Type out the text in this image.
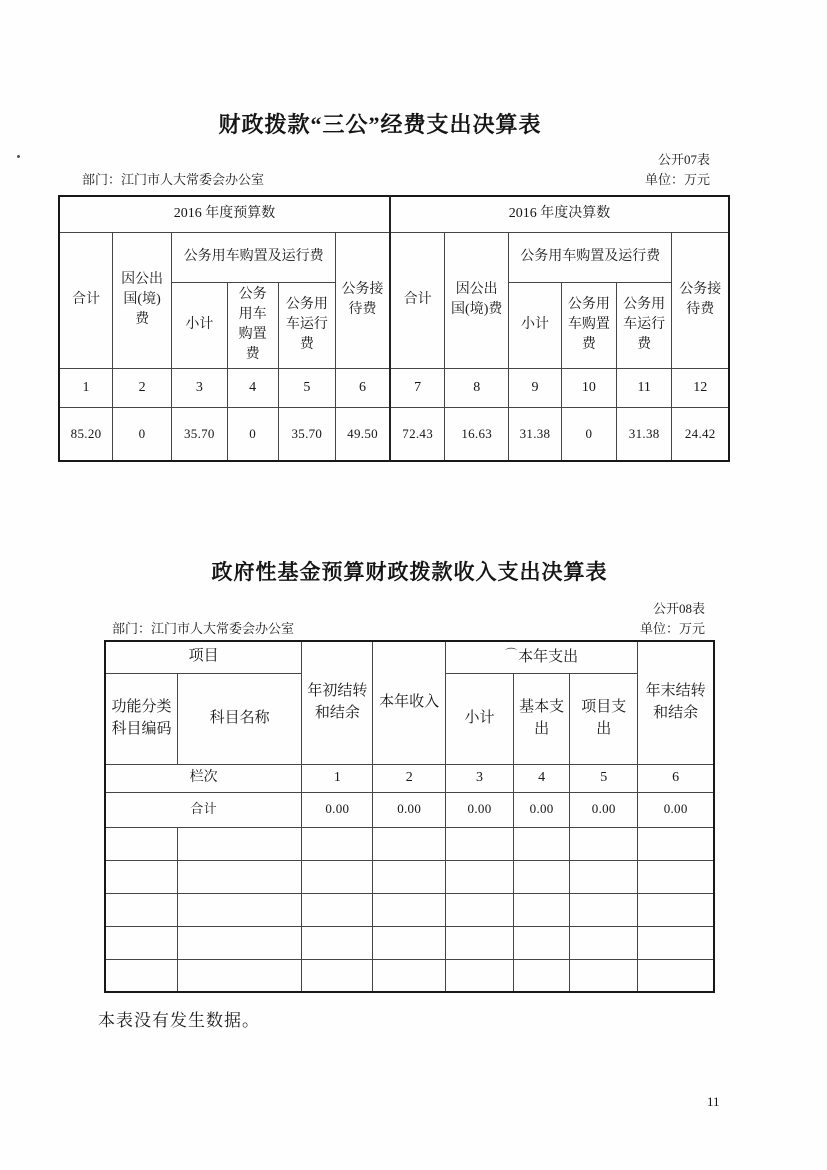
财政拨款“三公”经费支出决算表
公开07表
部门：江门市人大常委会办公室	单位：万元
2016 年度预算数						2016 年度决算数					
合计	因公出国(境)费	公务用车购置及运行费			公务接待费	合计	因公出国(境)费	公务用车购置及运行费			公务接待费
		小计	公务用车购置费	公务用车运行费				小计	公务用车购置费	公务用车运行费	
1	2	3	4	5	6	7	8	9	10	11	12
85.20	0	35.70	0	35.70	49.50	72.43	16.63	31.38	0	31.38	24.42
政府性基金预算财政拨款收入支出决算表
公开08表
部门：江门市人大常委会办公室	单位：万元
项目		年初结转和结余	本年收入	⌒本年支出			年末结转和结余
功能分类科目编码	科目名称			小计	基本支出	项目支出	
栏次		1	2	3	4	5	6
合计		0.00	0.00	0.00	0.00	0.00	0.00

本表没有发生数据。
11
